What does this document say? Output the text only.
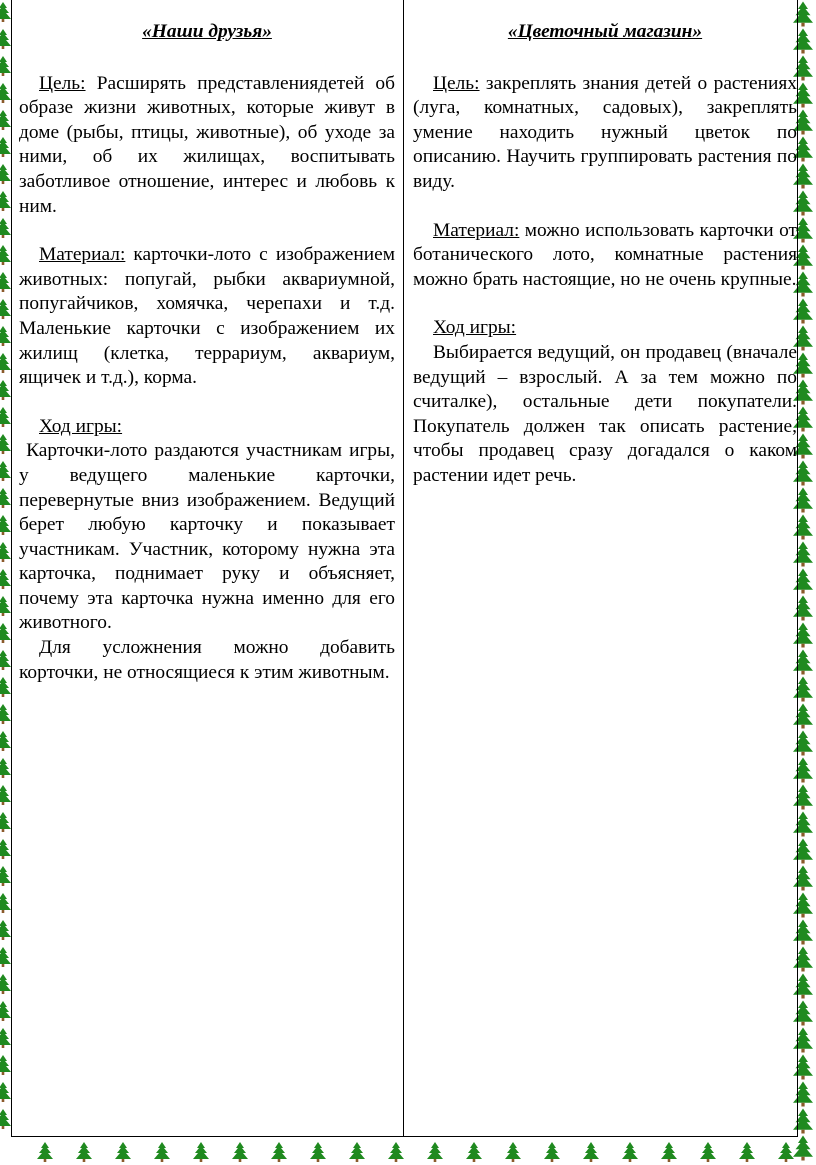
«Наши друзья»

Цель: Расширять представлениядетей об образе жизни животных, которые живут в доме (рыбы, птицы, животные), об уходе за ними, об их жилищах, воспитывать заботливое отношение, интерес и любовь к ним.

Материал: карточки-лото с изображением животных: попугай, рыбки аквариумной, попугайчиков, хомячка, черепахи и т.д. Маленькие карточки с изображением их жилищ (клетка, террариум, аквариум, ящичек и т.д.), корма.

Ход игры:

Карточки-лото раздаются участникам игры, у ведущего маленькие карточки, перевернутые вниз изображением. Ведущий берет любую карточку и показывает участникам. Участник, которому нужна эта карточка, поднимает руку и объясняет, почему эта карточка нужна именно для его животного.

Для усложнения можно добавить корточки, не относящиеся к этим животным.

«Цветочный магазин»

Цель: закреплять знания детей о растениях (луга, комнатных, садовых), закреплять умение находить нужный цветок по описанию. Научить группировать растения по виду.

Материал: можно использовать карточки от ботанического лото, комнатные растения можно брать настоящие, но не очень крупные.

Ход игры:

Выбирается ведущий, он продавец (вначале ведущий – взрослый. А за тем можно по считалке), остальные дети покупатели. Покупатель должен так описать растение, чтобы продавец сразу догадался о каком растении идет речь.
